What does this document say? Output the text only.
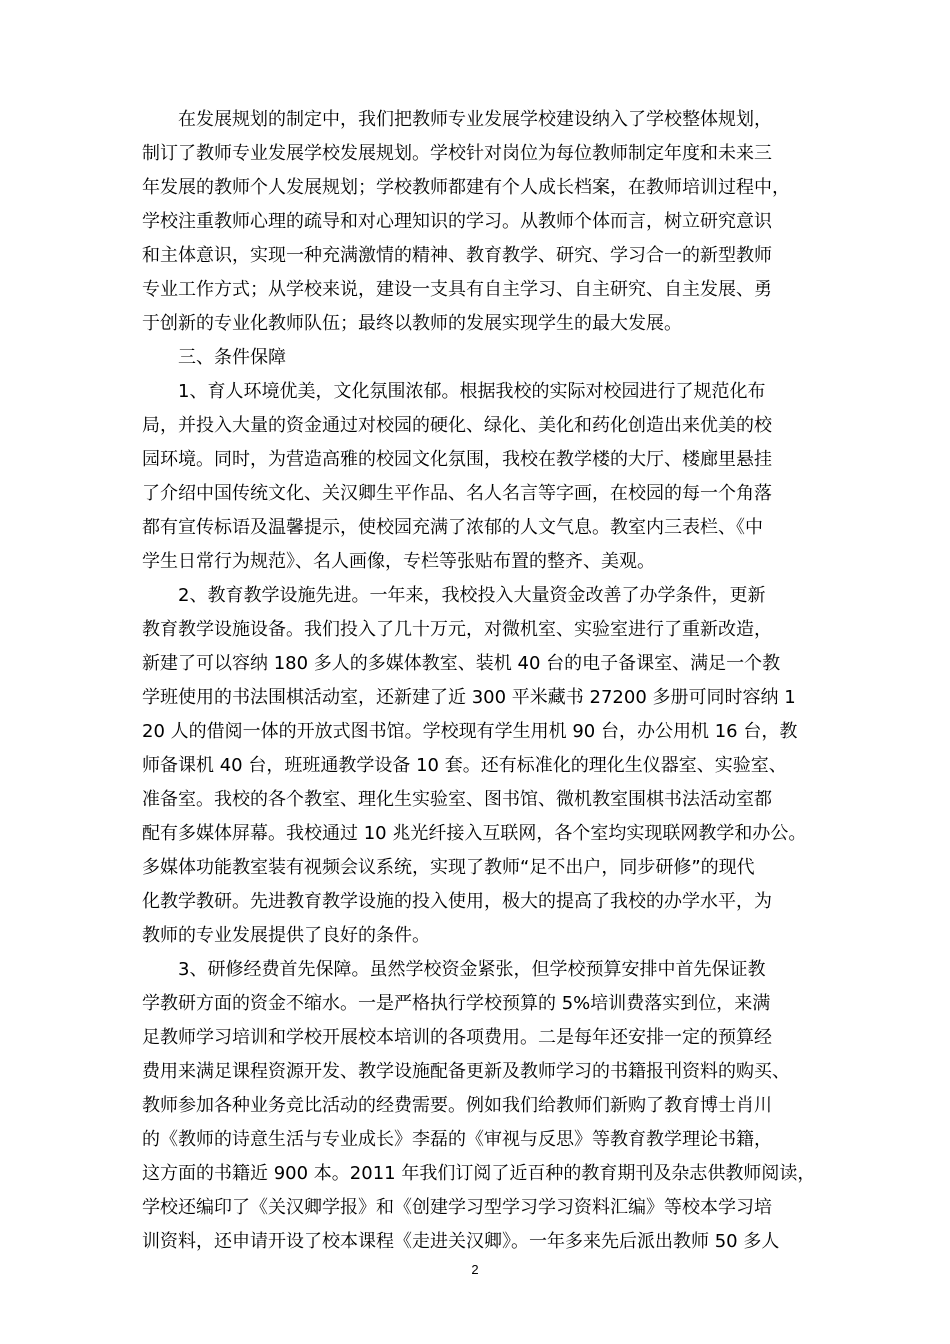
　　在发展规划的制定中，我们把教师专业发展学校建设纳入了学校整体规划，
制订了教师专业发展学校发展规划。学校针对岗位为每位教师制定年度和未来三
年发展的教师个人发展规划；学校教师都建有个人成长档案，在教师培训过程中，
学校注重教师心理的疏导和对心理知识的学习。从教师个体而言，树立研究意识
和主体意识，实现一种充满激情的精神、教育教学、研究、学习合一的新型教师
专业工作方式；从学校来说，建设一支具有自主学习、自主研究、自主发展、勇
于创新的专业化教师队伍；最终以教师的发展实现学生的最大发展。
　　三、条件保障
　　1、育人环境优美，文化氛围浓郁。根据我校的实际对校园进行了规范化布
局，并投入大量的资金通过对校园的硬化、绿化、美化和药化创造出来优美的校
园环境。同时，为营造高雅的校园文化氛围，我校在教学楼的大厅、楼廊里悬挂
了介绍中国传统文化、关汉卿生平作品、名人名言等字画，在校园的每一个角落
都有宣传标语及温馨提示，使校园充满了浓郁的人文气息。教室内三表栏、《中
学生日常行为规范》、名人画像，专栏等张贴布置的整齐、美观。
　　2、教育教学设施先进。一年来，我校投入大量资金改善了办学条件，更新
教育教学设施设备。我们投入了几十万元，对微机室、实验室进行了重新改造，
新建了可以容纳 180 多人的多媒体教室、装机 40 台的电子备课室、满足一个教
学班使用的书法围棋活动室，还新建了近 300 平米藏书 27200 多册可同时容纳 1
20 人的借阅一体的开放式图书馆。学校现有学生用机 90 台，办公用机 16 台，教
师备课机 40 台，班班通教学设备 10 套。还有标准化的理化生仪器室、实验室、
准备室。我校的各个教室、理化生实验室、图书馆、微机教室围棋书法活动室都
配有多媒体屏幕。我校通过 10 兆光纤接入互联网，各个室均实现联网教学和办公。
多媒体功能教室装有视频会议系统，实现了教师“足不出户，同步研修”的现代
化教学教研。先进教育教学设施的投入使用，极大的提高了我校的办学水平，为
教师的专业发展提供了良好的条件。
　　3、研修经费首先保障。虽然学校资金紧张，但学校预算安排中首先保证教
学教研方面的资金不缩水。一是严格执行学校预算的 5%培训费落实到位，来满
足教师学习培训和学校开展校本培训的各项费用。二是每年还安排一定的预算经
费用来满足课程资源开发、教学设施配备更新及教师学习的书籍报刊资料的购买、
教师参加各种业务竞比活动的经费需要。例如我们给教师们新购了教育博士肖川
的《教师的诗意生活与专业成长》李磊的《审视与反思》等教育教学理论书籍，
这方面的书籍近 900 本。2011 年我们订阅了近百种的教育期刊及杂志供教师阅读，
学校还编印了《关汉卿学报》和《创建学习型学习学习资料汇编》等校本学习培
训资料，还申请开设了校本课程《走进关汉卿》。一年多来先后派出教师 50 多人
2
